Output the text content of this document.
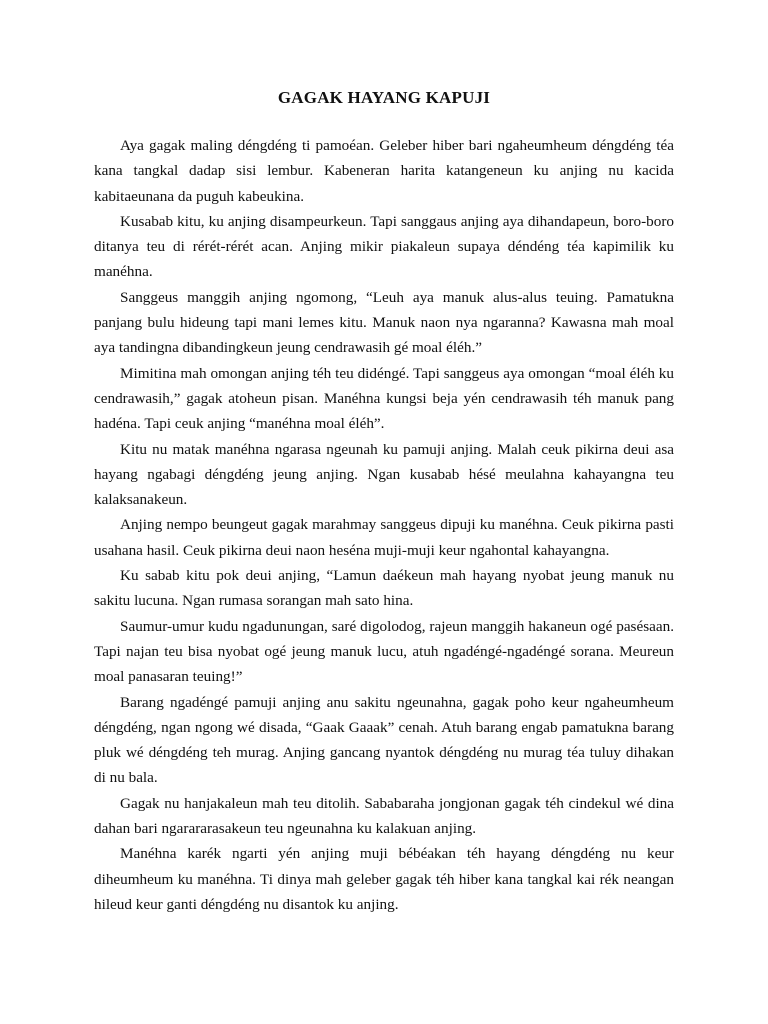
GAGAK HAYANG KAPUJI

Aya gagak maling déngdéng ti pamoéan. Geleber hiber bari ngaheumheum déngdéng téa kana tangkal dadap sisi lembur. Kabeneran harita katangeneun ku anjing nu kacida kabitaeunana da puguh kabeukina.

Kusabab kitu, ku anjing disampeurkeun. Tapi sanggaus anjing aya dihandapeun, boro-boro ditanya teu di rérét-rérét acan. Anjing mikir piakaleun supaya déndéng téa kapimilik ku manéhna.

Sanggeus manggih anjing ngomong, “Leuh aya manuk alus-alus teuing. Pamatukna panjang bulu hideung tapi mani lemes kitu. Manuk naon nya ngaranna? Kawasna mah moal aya tandingna dibandingkeun jeung cendrawasih gé moal éléh.”

Mimitina mah omongan anjing téh teu didéngé. Tapi sanggeus aya omongan “moal éléh ku cendrawasih,” gagak atoheun pisan. Manéhna kungsi beja yén cendrawasih téh manuk pang hadéna. Tapi ceuk anjing “manéhna moal éléh”.

Kitu nu matak manéhna ngarasa ngeunah ku pamuji anjing. Malah ceuk pikirna deui asa hayang ngabagi déngdéng jeung anjing. Ngan kusabab hésé meulahna kahayangna teu kalaksanakeun.

Anjing nempo beungeut gagak marahmay sanggeus dipuji ku manéhna. Ceuk pikirna pasti usahana hasil. Ceuk pikirna deui naon heséna muji-muji keur ngahontal kahayangna.

Ku sabab kitu pok deui anjing, “Lamun daékeun mah hayang nyobat jeung manuk nu sakitu lucuna. Ngan rumasa sorangan mah sato hina.

Saumur-umur kudu ngadunungan, saré digolodog, rajeun manggih hakaneun ogé pasésaan. Tapi najan teu bisa nyobat ogé jeung manuk lucu, atuh ngadéngé-ngadéngé sorana. Meureun moal panasaran teuing!”

Barang ngadéngé pamuji anjing anu sakitu ngeunahna, gagak poho keur ngaheumheum déngdéng, ngan ngong wé disada, “Gaak Gaaak” cenah. Atuh barang engab pamatukna barang pluk wé déngdéng teh murag. Anjing gancang nyantok déngdéng nu murag téa tuluy dihakan di nu bala.

Gagak nu hanjakaleun mah teu ditolih. Sababaraha jongjonan gagak téh cindekul wé dina dahan bari ngarararasakeun teu ngeunahna ku kalakuan anjing.

Manéhna karék ngarti yén anjing muji bébéakan téh hayang déngdéng nu keur diheumheum ku manéhna. Ti dinya mah geleber gagak téh hiber kana tangkal kai rék neangan hileud keur ganti déngdéng nu disantok ku anjing.
